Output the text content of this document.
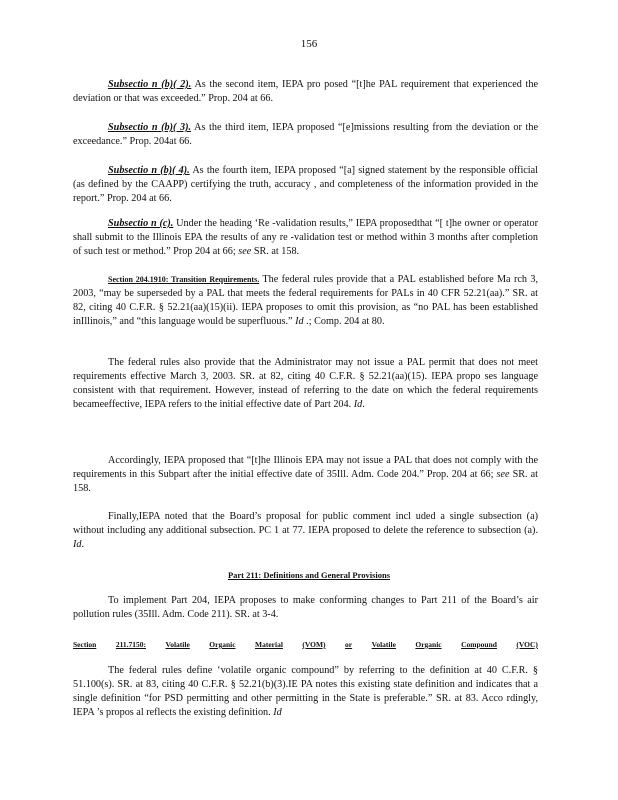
156

Subsectio n (b)( 2). As the second item, IEPA pro posed “[t]he PAL requirement that experienced the deviation or that was exceeded.” Prop. 204 at 66.

Subsectio n (b)( 3). As the third item, IEPA proposed “[e]missions resulting from the deviation or the exceedance.” Prop. 204at 66.

Subsectio n (b)( 4). As the fourth item, IEPA proposed “[a] signed statement by the responsible official (as defined by the CAAPP) certifying the truth, accuracy , and completeness of the information provided in the report.” Prop. 204 at 66.

Subsectio n (c). Under the heading ‘Re -validation results,” IEPA proposedthat “[ t]he owner or operator shall submit to the Illinois EPA the results of any re -validation test or method within 3 months after completion of such test or method.” Prop 204 at 66; see SR. at 158.

Section 204.1910: Transition Requirements. The federal rules provide that a PAL established before Ma rch 3, 2003, “may be superseded by a PAL that meets the federal requirements for PALs in 40 CFR 52.21(aa).” SR. at 82, citing 40 C.F.R. § 52.21(aa)(15)(ii). IEPA proposes to omit this provision, as “no PAL has been established inIllinois,” and “this language would be superfluous.” Id .; Comp. 204 at 80.

The federal rules also provide that the Administrator may not issue a PAL permit that does not meet requirements effective March 3, 2003. SR. at 82, citing 40 C.F.R. § 52.21(aa)(15). IEPA propo ses language consistent with that requirement. However, instead of referring to the date on which the federal requirements becameeffective, IEPA refers to the initial effective date of Part 204. Id.

Accordingly, IEPA proposed that “[t]he Illinois EPA may not issue a PAL that does not comply with the requirements in this Subpart after the initial effective date of 35Ill. Adm. Code 204.” Prop. 204 at 66; see SR. at 158.

Finally,IEPA noted that the Board’s proposal for public comment incl uded a single subsection (a) without including any additional subsection. PC 1 at 77. IEPA proposed to delete the reference to subsection (a). Id.

Part 211: Definitions and General Provisions

To implement Part 204, IEPA proposes to make conforming changes to Part 211 of the Board’s air pollution rules (35Ill. Adm. Code 211). SR. at 3-4.

Section	211.7150:	Volatile	Organic	Material	(VOM)	or	Volatile	Organic	Compound	(VOC)

The federal rules define ‘volatile organic compound” by referring to the definition at 40 C.F.R. § 51.100(s). SR. at 83, citing 40 C.F.R. § 52.21(b)(3).IE PA notes this existing state definition and indicates that a single definition “for PSD permitting and other permitting in the State is preferable.” SR. at 83. Acco rdingly, IEPA ’s propos al reflects the existing definition. Id
